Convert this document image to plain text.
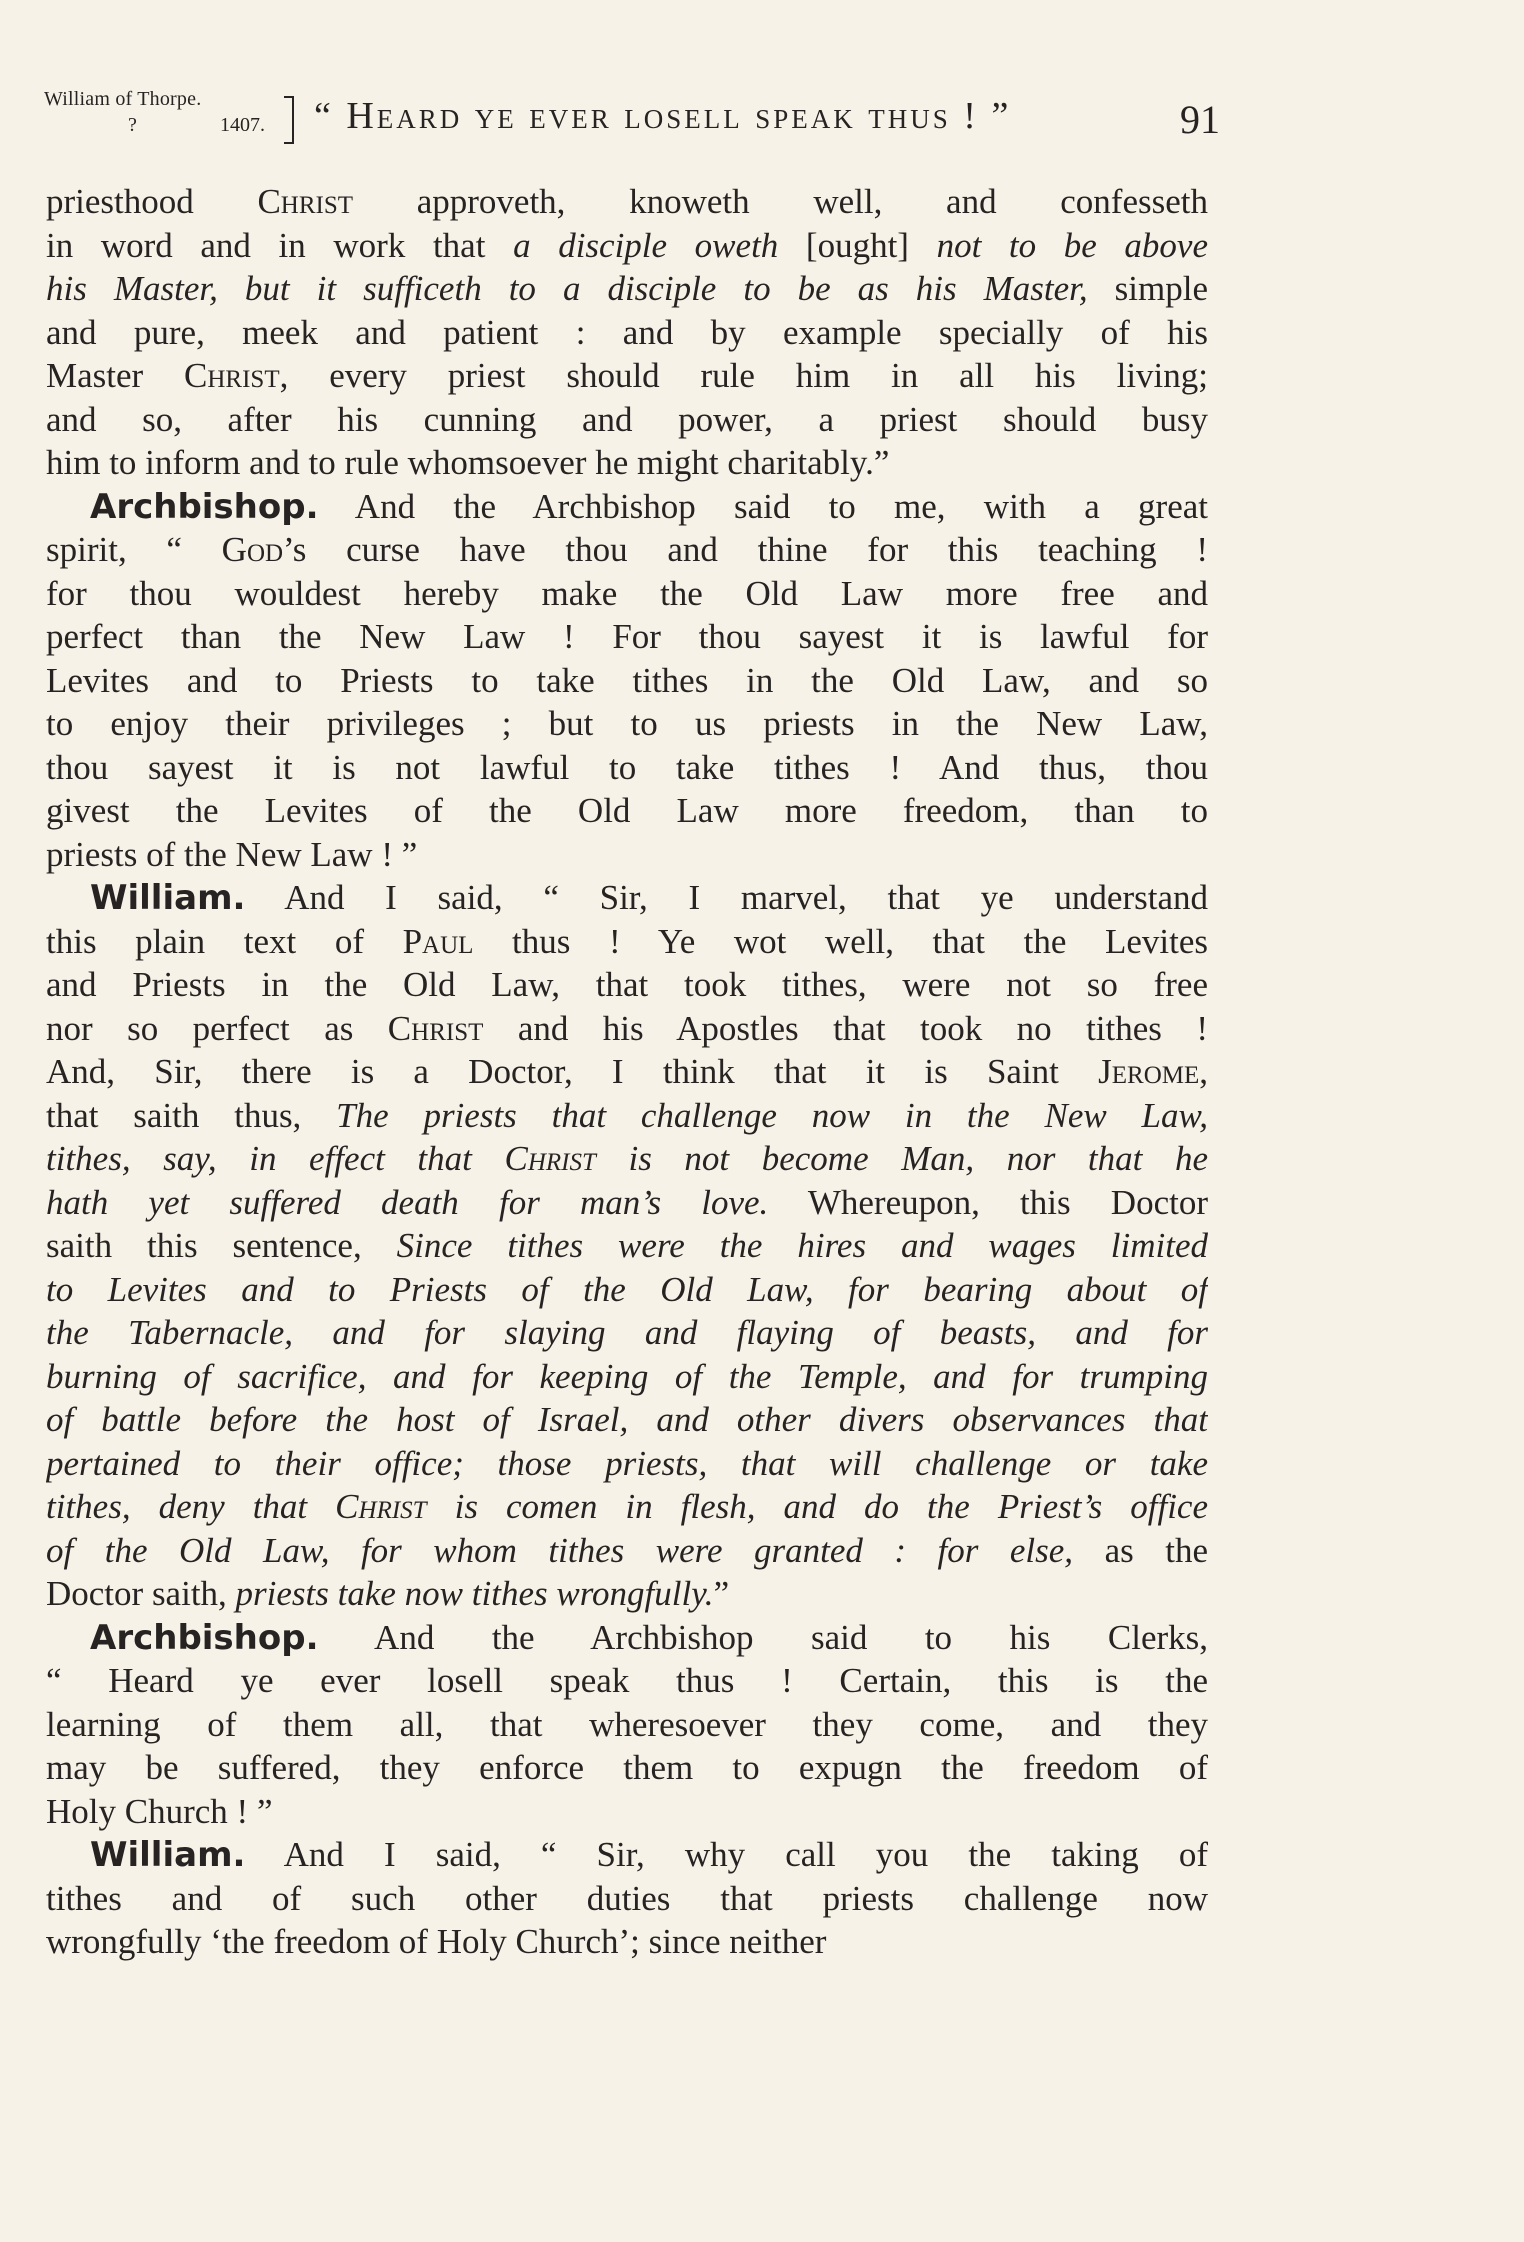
William of Thorpe.
?	1407. “ Heard ye ever losell speak thus ! ”	91
priesthood Christ approveth, knoweth well, and confesseth
in word and in work that a disciple oweth [ought] not to be above
his Master, but it sufficeth to a disciple to be as his Master, simple
and pure, meek and patient : and by example specially of his
Master Christ, every priest should rule him in all his living;
and so, after his cunning and power, a priest should busy
him to inform and to rule whomsoever he might charitably.”
Archbishop. And the Archbishop said to me, with a great
spirit, “ God’s curse have thou and thine for this teaching !
for thou wouldest hereby make the Old Law more free and
perfect than the New Law ! For thou sayest it is lawful for
Levites and to Priests to take tithes in the Old Law, and so
to enjoy their privileges ; but to us priests in the New Law,
thou sayest it is not lawful to take tithes ! And thus, thou
givest the Levites of the Old Law more freedom, than to
priests of the New Law ! ”
William. And I said, “ Sir, I marvel, that ye understand
this plain text of Paul thus ! Ye wot well, that the Levites
and Priests in the Old Law, that took tithes, were not so free
nor so perfect as Christ and his Apostles that took no tithes !
And, Sir, there is a Doctor, I think that it is Saint Jerome,
that saith thus, The priests that challenge now in the New Law,
tithes, say, in effect that Christ is not become Man, nor that he
hath yet suffered death for man’s love. Whereupon, this Doctor
saith this sentence, Since tithes were the hires and wages limited
to Levites and to Priests of the Old Law, for bearing about of
the Tabernacle, and for slaying and flaying of beasts, and for
burning of sacrifice, and for keeping of the Temple, and for trumping
of battle before the host of Israel, and other divers observances that
pertained to their office; those priests, that will challenge or take
tithes, deny that Christ is comen in flesh, and do the Priest’s office
of the Old Law, for whom tithes were granted : for else, as the
Doctor saith, priests take now tithes wrongfully.”
Archbishop. And the Archbishop said to his Clerks,
“ Heard ye ever losell speak thus ! Certain, this is the
learning of them all, that wheresoever they come, and they
may be suffered, they enforce them to expugn the freedom of
Holy Church ! ”
William. And I said, “ Sir, why call you the taking of
tithes and of such other duties that priests challenge now
wrongfully ‘the freedom of Holy Church’; since neither
